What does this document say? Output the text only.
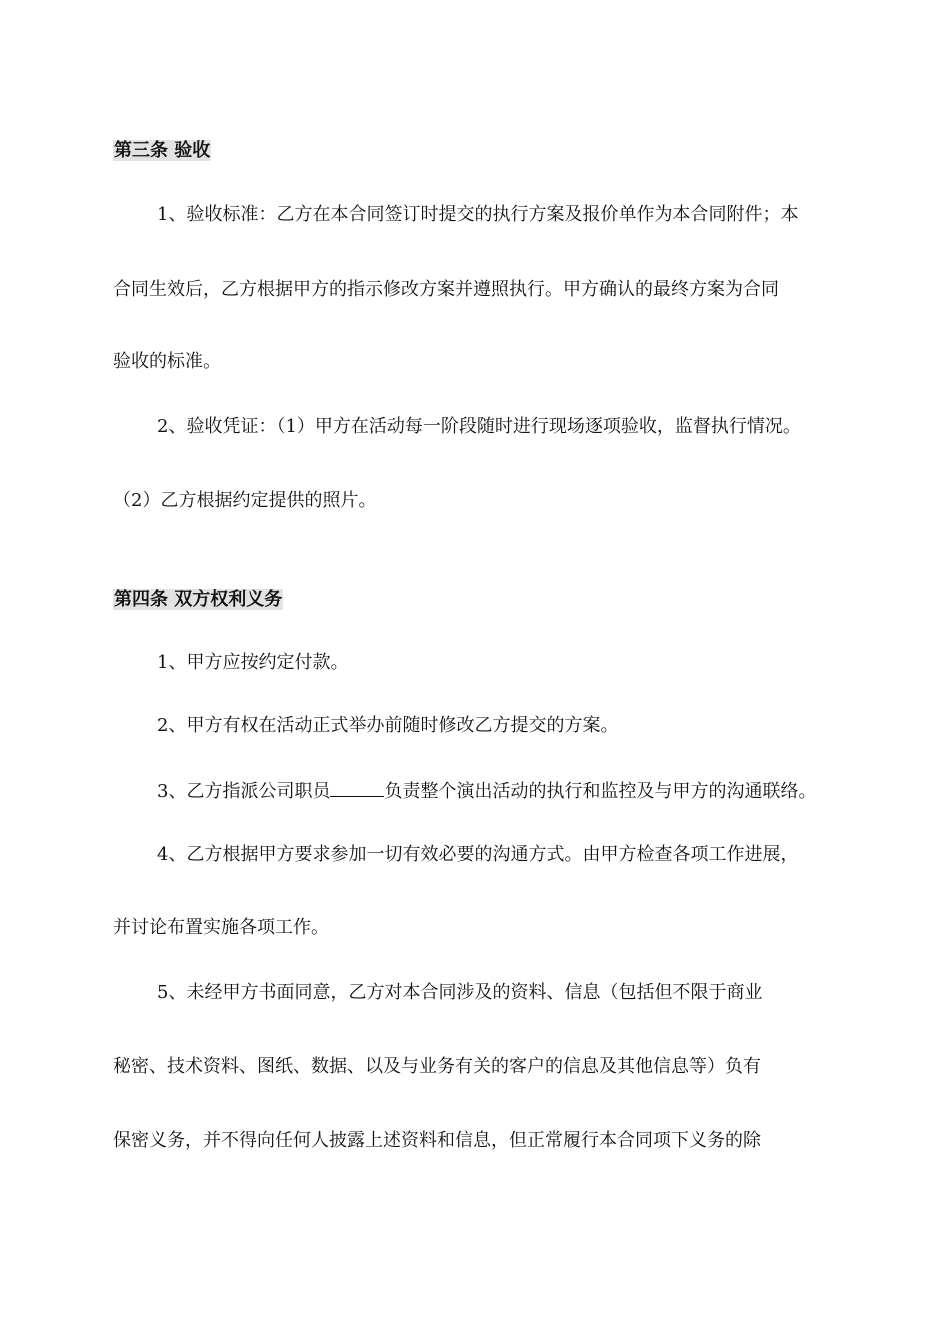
第三条 验收

1、验收标准：乙方在本合同签订时提交的执行方案及报价单作为本合同附件；本

合同生效后，乙方根据甲方的指示修改方案并遵照执行。甲方确认的最终方案为合同

验收的标准。

2、验收凭证：（1）甲方在活动每一阶段随时进行现场逐项验收，监督执行情况。

（2）乙方根据约定提供的照片。

第四条 双方权利义务

1、甲方应按约定付款。

2、甲方有权在活动正式举办前随时修改乙方提交的方案。

3、乙方指派公司职员	负责整个演出活动的执行和监控及与甲方的沟通联络。

4、乙方根据甲方要求参加一切有效必要的沟通方式。由甲方检查各项工作进展，

并讨论布置实施各项工作。

5、未经甲方书面同意，乙方对本合同涉及的资料、信息（包括但不限于商业

秘密、技术资料、图纸、数据、以及与业务有关的客户的信息及其他信息等）负有

保密义务，并不得向任何人披露上述资料和信息，但正常履行本合同项下义务的除
